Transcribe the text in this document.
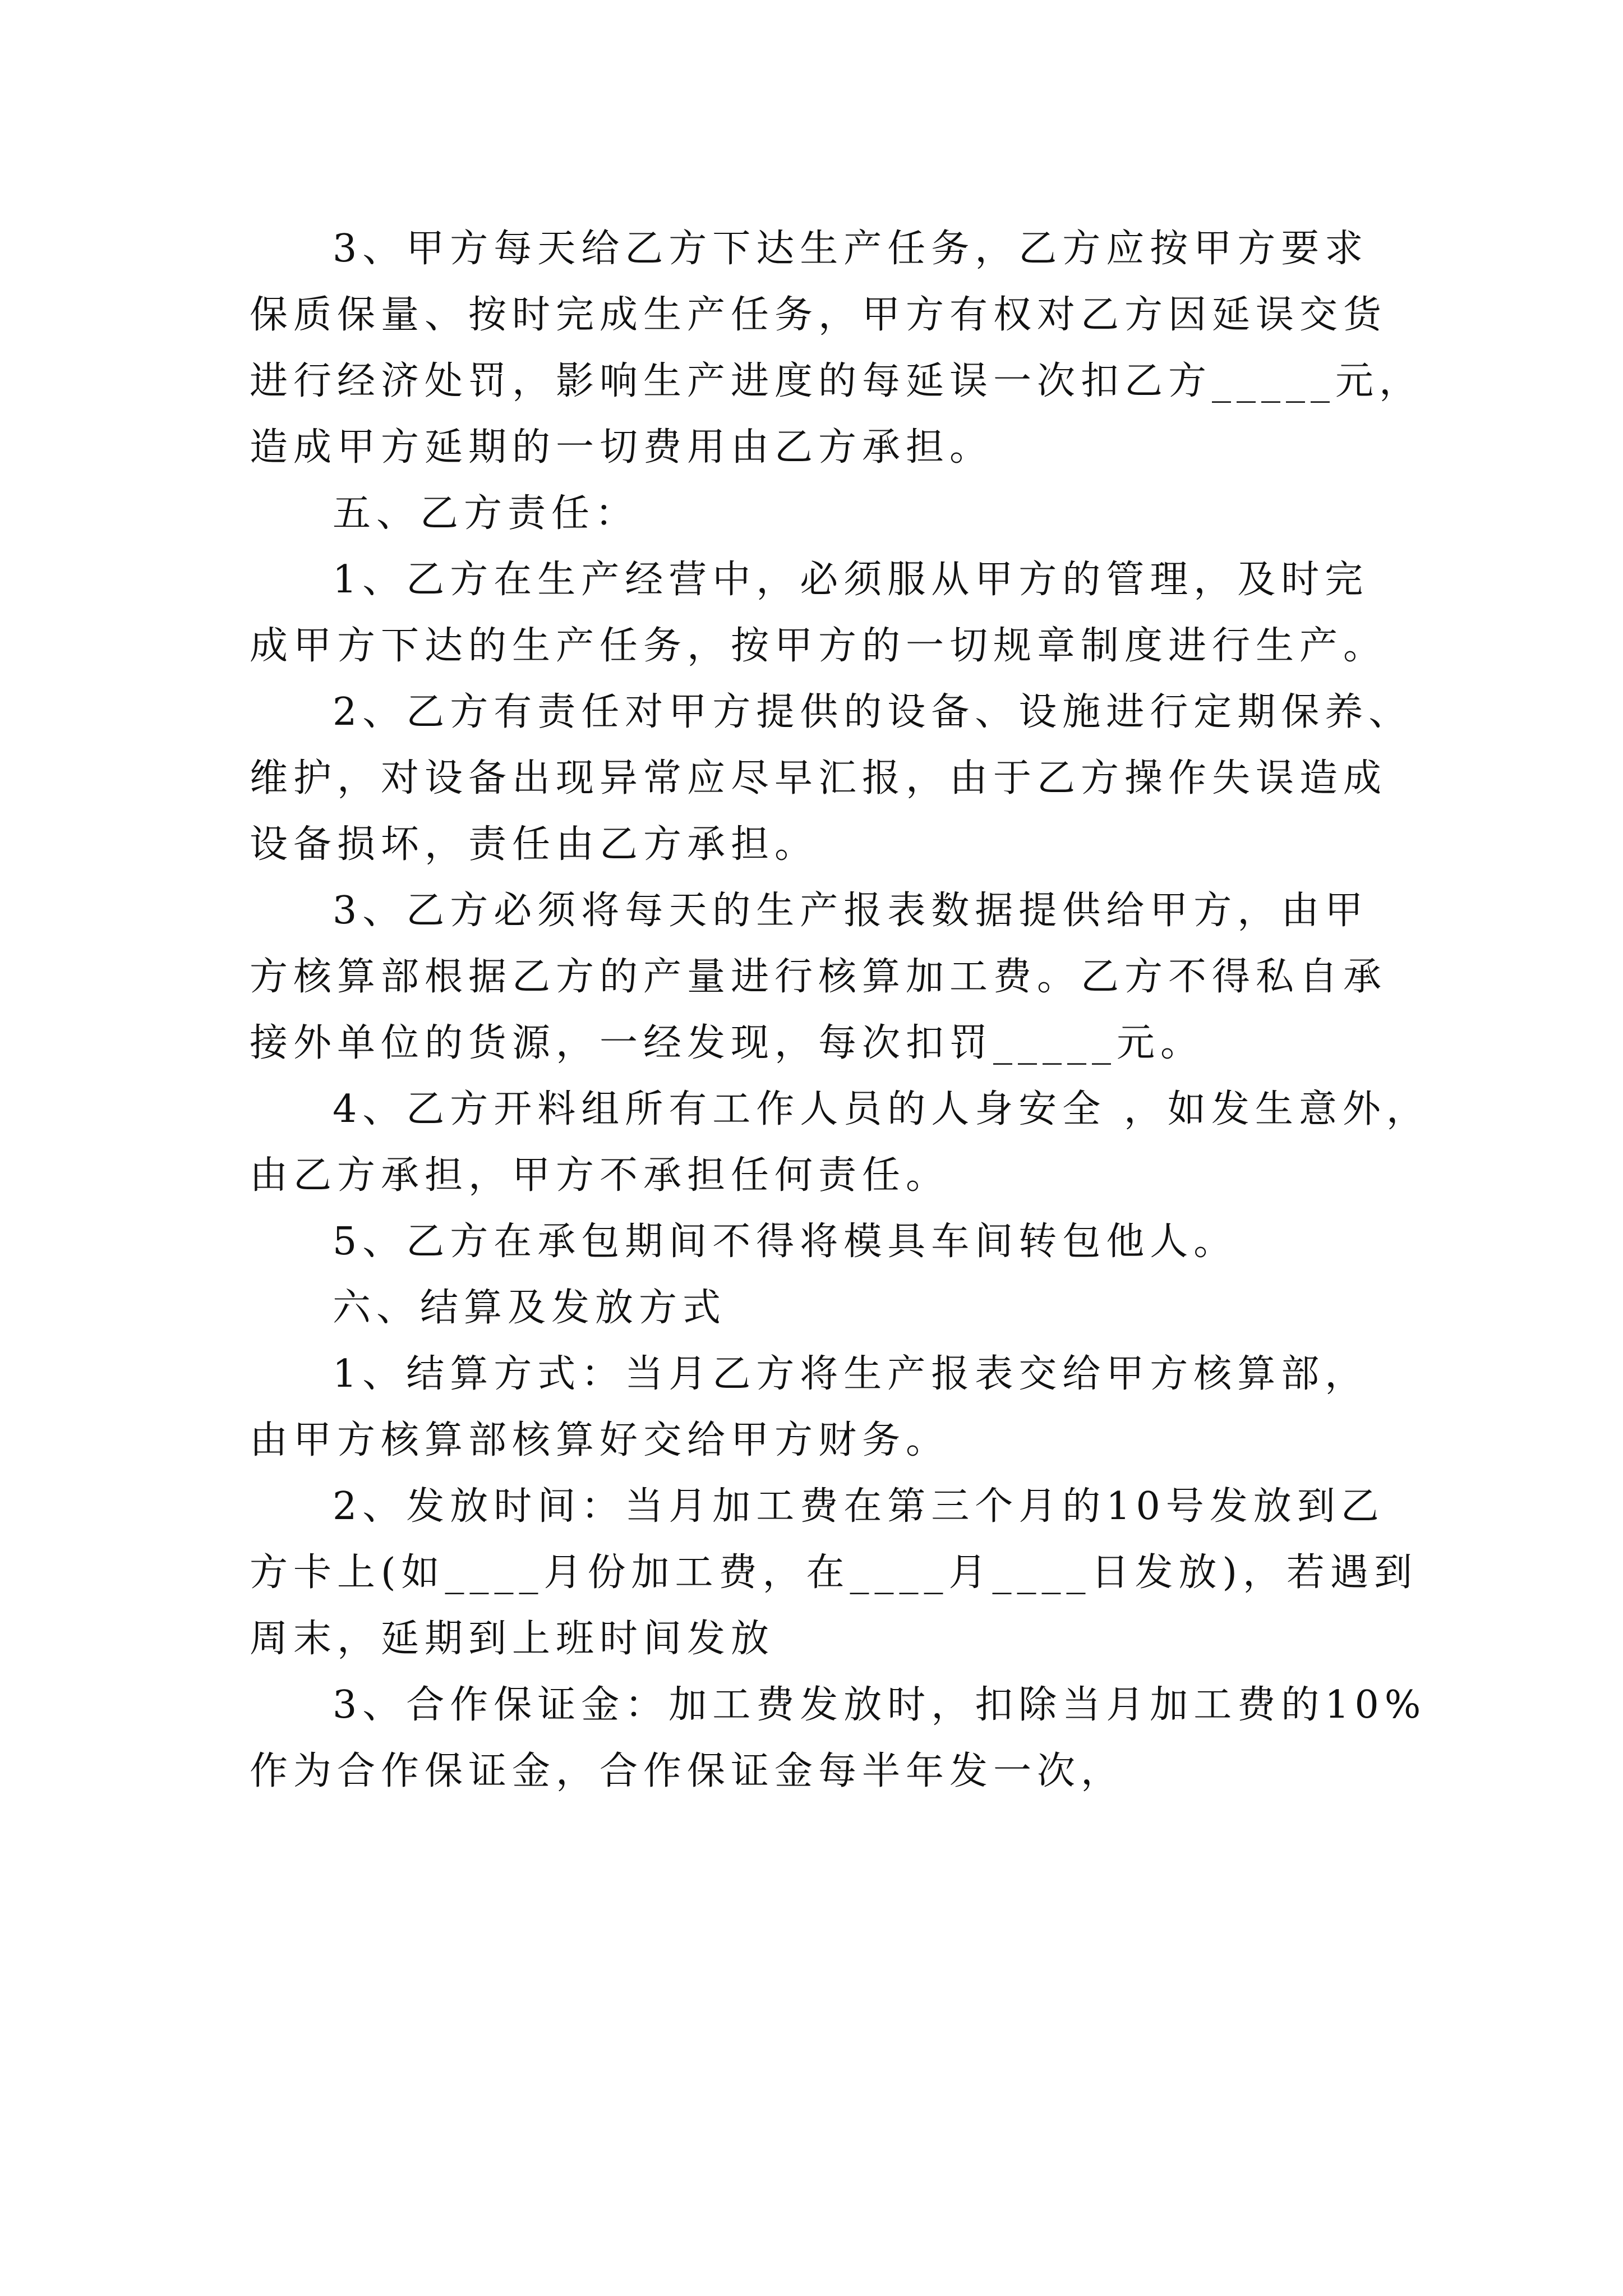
3、甲方每天给乙方下达生产任务，乙方应按甲方要求
保质保量、按时完成生产任务，甲方有权对乙方因延误交货
进行经济处罚，影响生产进度的每延误一次扣乙方_____元，
造成甲方延期的一切费用由乙方承担。
五、乙方责任：
1、乙方在生产经营中，必须服从甲方的管理，及时完
成甲方下达的生产任务，按甲方的一切规章制度进行生产。
2、乙方有责任对甲方提供的设备、设施进行定期保养、
维护，对设备出现异常应尽早汇报，由于乙方操作失误造成
设备损坏，责任由乙方承担。
3、乙方必须将每天的生产报表数据提供给甲方，由甲
方核算部根据乙方的产量进行核算加工费。乙方不得私自承
接外单位的货源，一经发现，每次扣罚_____元。
4、乙方开料组所有工作人员的人身安全 ，如发生意外，
由乙方承担，甲方不承担任何责任。
5、乙方在承包期间不得将模具车间转包他人。
六、结算及发放方式
1、结算方式：当月乙方将生产报表交给甲方核算部，
由甲方核算部核算好交给甲方财务。
2、发放时间：当月加工费在第三个月的10号发放到乙
方卡上(如____月份加工费，在____月____日发放)，若遇到
周末，延期到上班时间发放
3、合作保证金：加工费发放时，扣除当月加工费的10%
作为合作保证金，合作保证金每半年发一次，
